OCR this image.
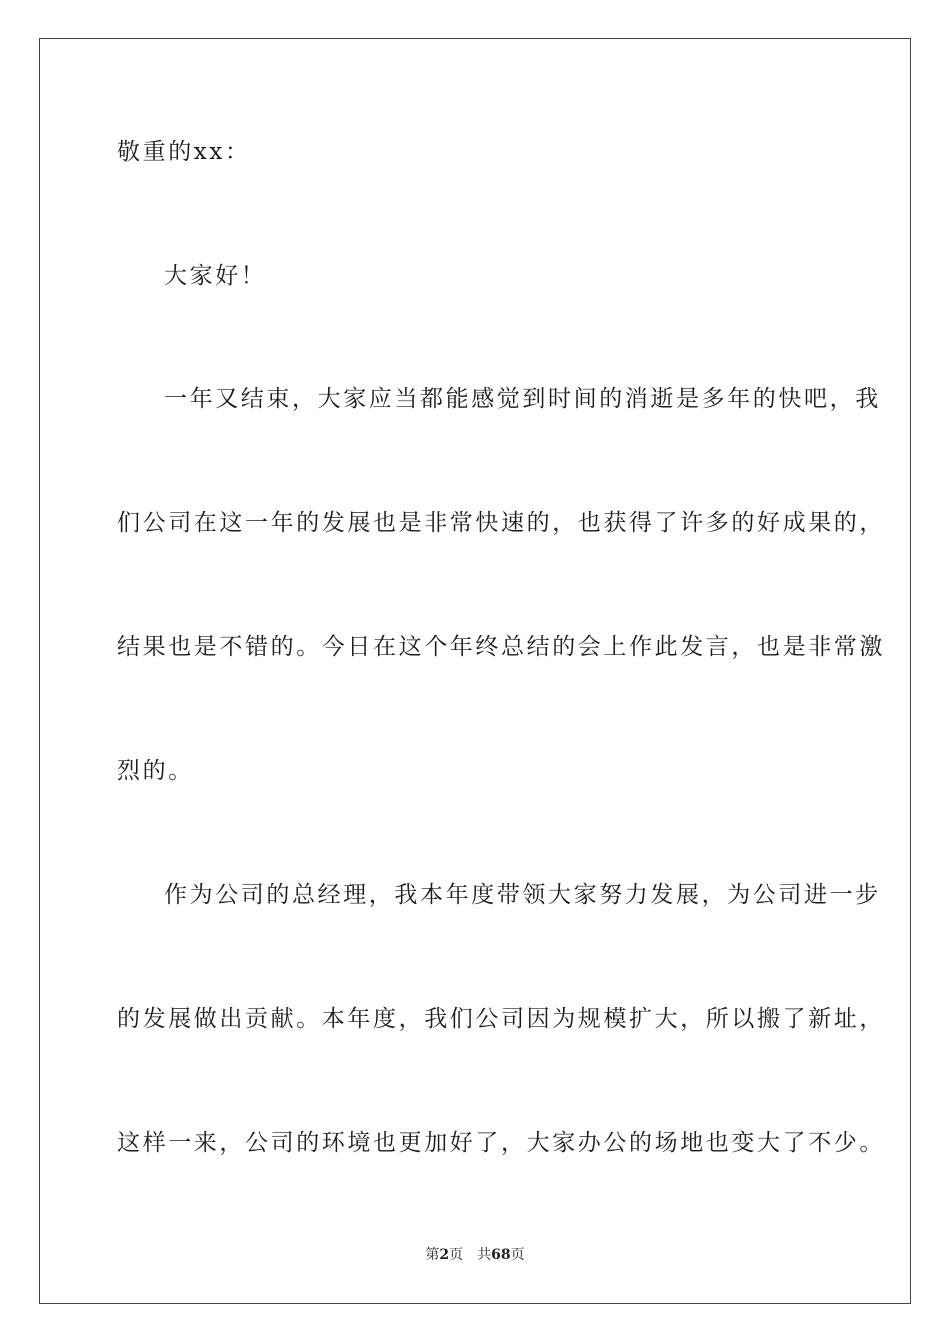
敬重的xx：
大家好！
一年又结束，大家应当都能感觉到时间的消逝是多年的快吧，我
们公司在这一年的发展也是非常快速的，也获得了许多的好成果的，
结果也是不错的。今日在这个年终总结的会上作此发言，也是非常激
烈的。
作为公司的总经理，我本年度带领大家努力发展，为公司进一步
的发展做出贡献。本年度，我们公司因为规模扩大，所以搬了新址，
这样一来，公司的环境也更加好了，大家办公的场地也变大了不少。
第2页 共68页
